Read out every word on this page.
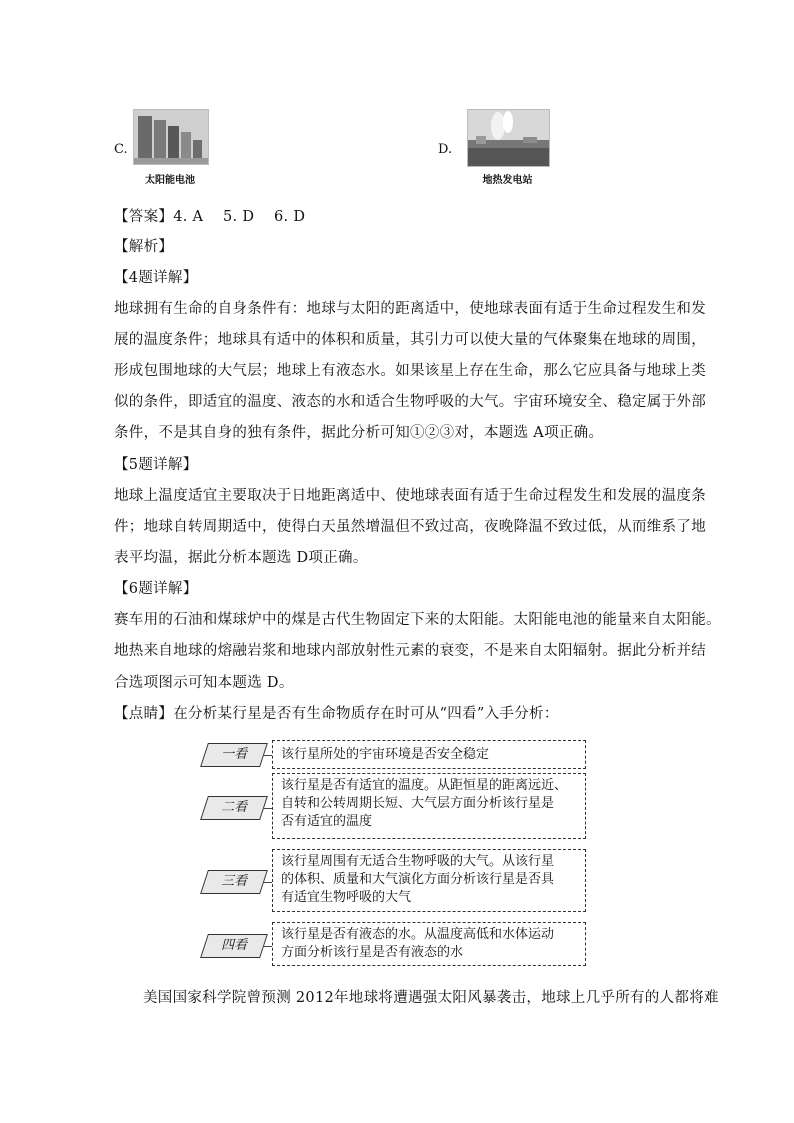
C.
太阳能电池
D.
地热发电站
【答案】4. A　 5. D　 6. D
【解析】
【4题详解】
地球拥有生命的自身条件有：地球与太阳的距离适中，使地球表面有适于生命过程发生和发
展的温度条件；地球具有适中的体积和质量，其引力可以使大量的气体聚集在地球的周围，
形成包围地球的大气层；地球上有液态水。如果该星上存在生命，那么它应具备与地球上类
似的条件，即适宜的温度、液态的水和适合生物呼吸的大气。宇宙环境安全、稳定属于外部
条件，不是其自身的独有条件，据此分析可知①②③对，本题选 A项正确。
【5题详解】
地球上温度适宜主要取决于日地距离适中、使地球表面有适于生命过程发生和发展的温度条
件；地球自转周期适中，使得白天虽然增温但不致过高，夜晚降温不致过低，从而维系了地
表平均温，据此分析本题选 D项正确。
【6题详解】
赛车用的石油和煤球炉中的煤是古代生物固定下来的太阳能。太阳能电池的能量来自太阳能。
地热来自地球的熔融岩浆和地球内部放射性元素的衰变，不是来自太阳辐射。据此分析并结
合选项图示可知本题选 D。
【点睛】在分析某行星是否有生命物质存在时可从“四看”入手分析：
一看	该行星所处的宇宙环境是否安全稳定
二看
该行星是否有适宜的温度。从距恒星的距离远近、
自转和公转周期长短、大气层方面分析该行星是
否有适宜的温度
三看
该行星周围有无适合生物呼吸的大气。从该行星
的体积、质量和大气演化方面分析该行星是否具
有适宜生物呼吸的大气
四看
该行星是否有液态的水。从温度高低和水体运动
方面分析该行星是否有液态的水
美国国家科学院曾预测 2012年地球将遭遇强太阳风暴袭击，地球上几乎所有的人都将难
